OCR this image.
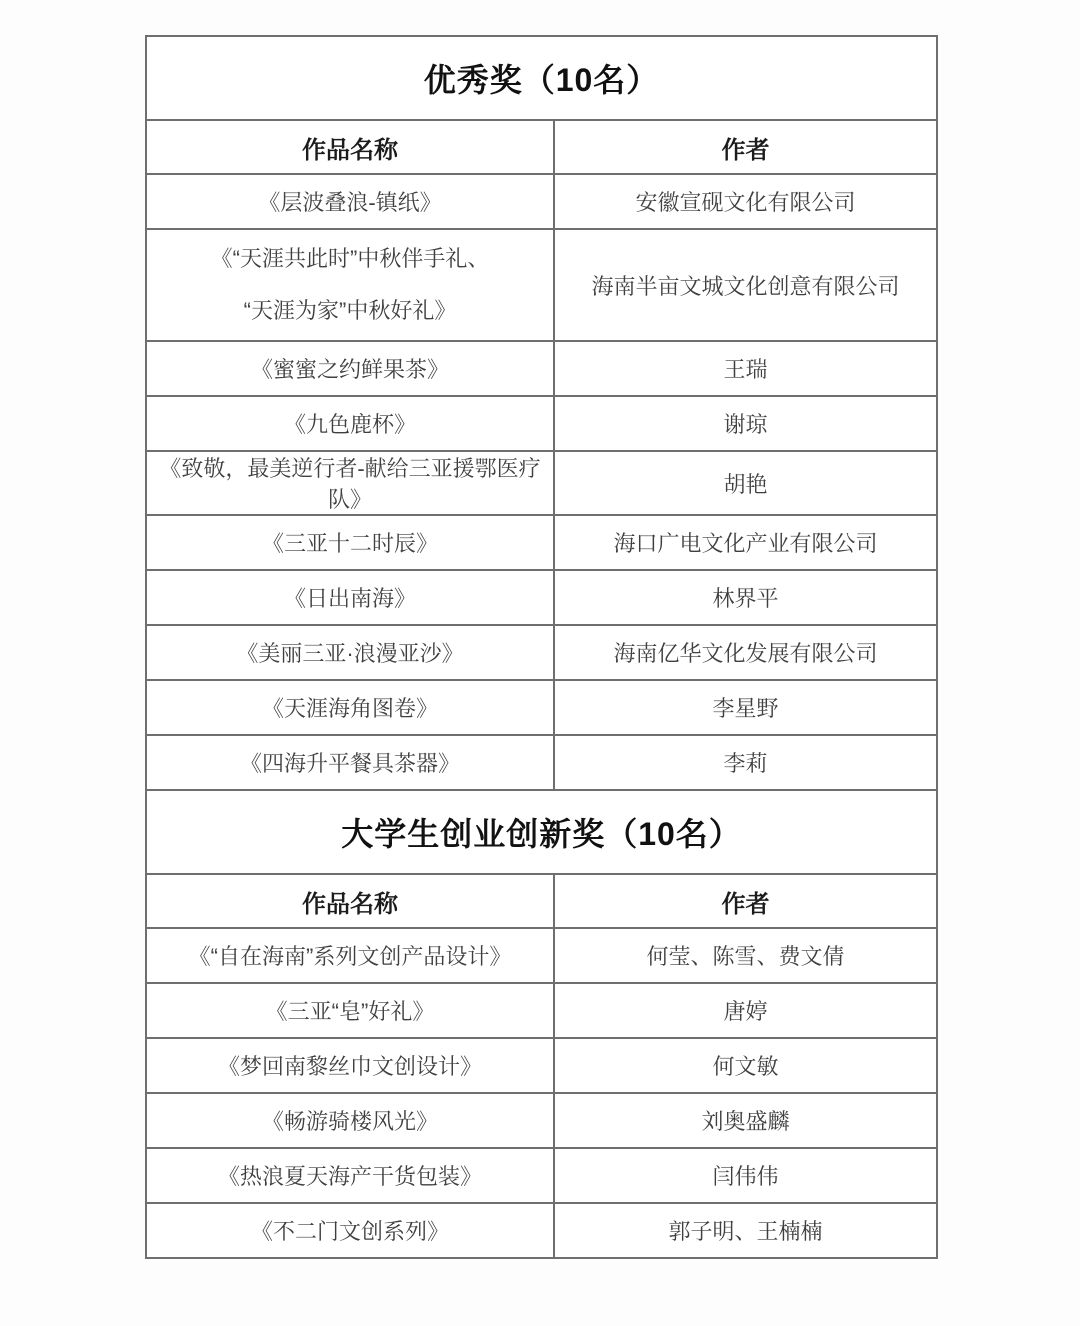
优秀奖（10名）	
作品名称	作者

《层波叠浪-镇纸》	安徽宣砚文化有限公司

《“天涯共此时”中秋伴手礼、
“天涯为家”中秋好礼》	海南半亩文城文化创意有限公司

《蜜蜜之约鲜果茶》	王瑞

《九色鹿杯》	谢琼

《致敬，最美逆行者-献给三亚援鄂医疗队》	胡艳

《三亚十二时辰》	海口广电文化产业有限公司

《日出南海》	林界平

《美丽三亚·浪漫亚沙》	海南亿华文化发展有限公司

《天涯海角图卷》	李星野

《四海升平餐具茶器》	李莉
大学生创业创新奖（10名）	
作品名称	作者

《“自在海南”系列文创产品设计》	何莹、陈雪、费文倩

《三亚“皂”好礼》	唐婷

《梦回南黎丝巾文创设计》	何文敏

《畅游骑楼风光》	刘奥盛麟

《热浪夏天海产干货包装》	闫伟伟

《不二门文创系列》	郭子明、王楠楠
